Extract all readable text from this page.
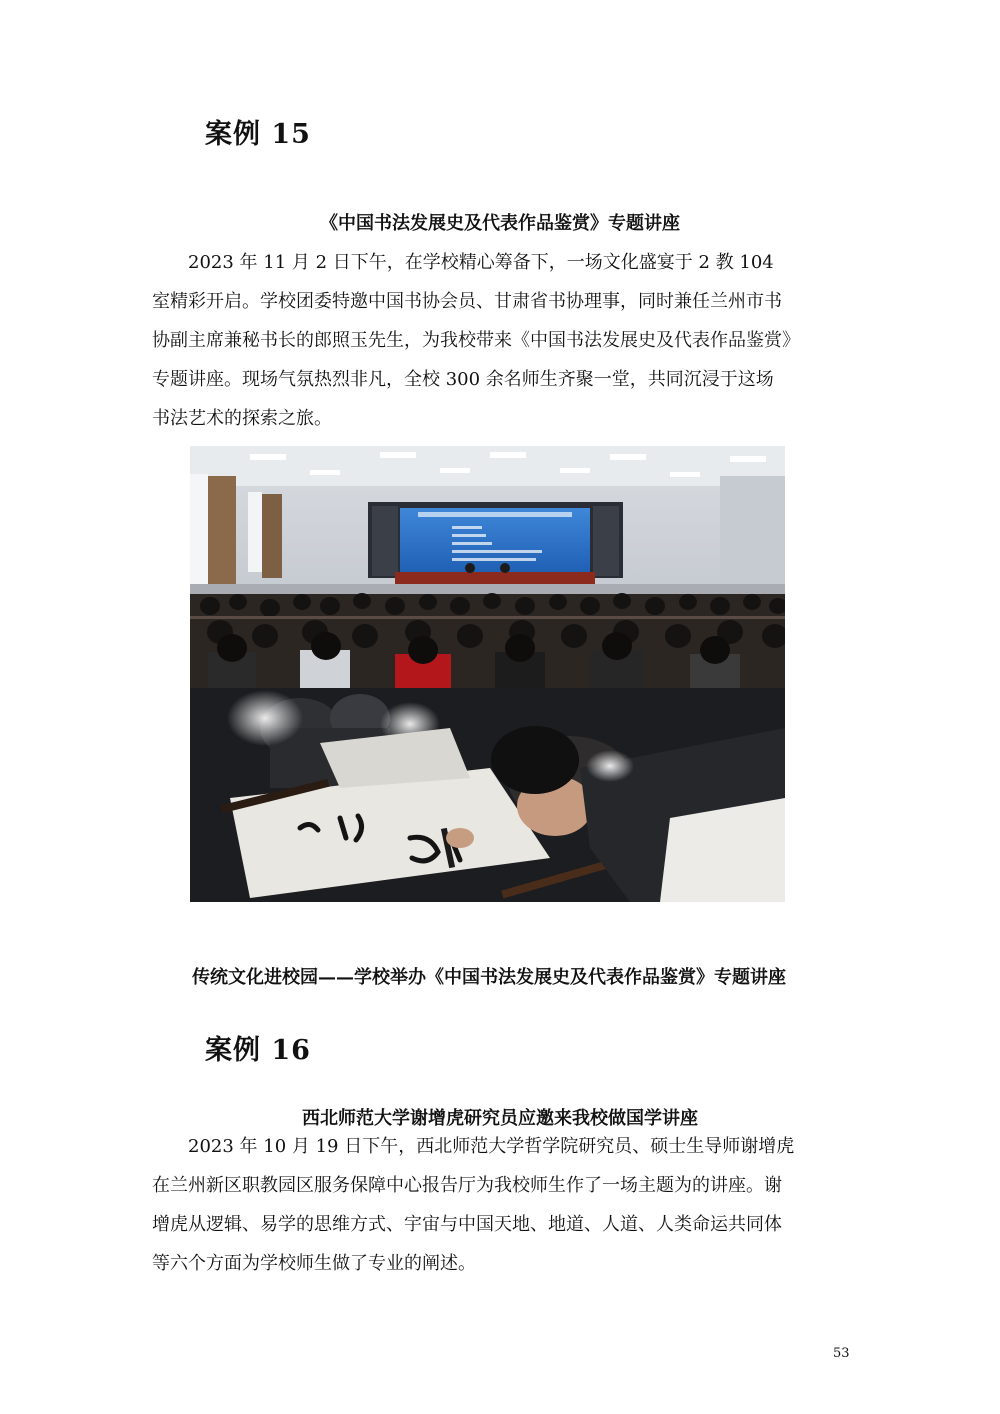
案例 15
《中国书法发展史及代表作品鉴赏》专题讲座

2023 年 11 月 2 日下午，在学校精心筹备下，一场文化盛宴于 2 教 104
室精彩开启。学校团委特邀中国书协会员、甘肃省书协理事，同时兼任兰州市书
协副主席兼秘书长的郎照玉先生，为我校带来《中国书法发展史及代表作品鉴赏》
专题讲座。现场气氛热烈非凡，全校 300 余名师生齐聚一堂，共同沉浸于这场
书法艺术的探索之旅。

传统文化进校园——学校举办《中国书法发展史及代表作品鉴赏》专题讲座
案例 16
西北师范大学谢增虎研究员应邀来我校做国学讲座

2023 年 10 月 19 日下午，西北师范大学哲学院研究员、硕士生导师谢增虎
在兰州新区职教园区服务保障中心报告厅为我校师生作了一场主题为的讲座。谢
增虎从逻辑、易学的思维方式、宇宙与中国天地、地道、人道、人类命运共同体
等六个方面为学校师生做了专业的阐述。

53
